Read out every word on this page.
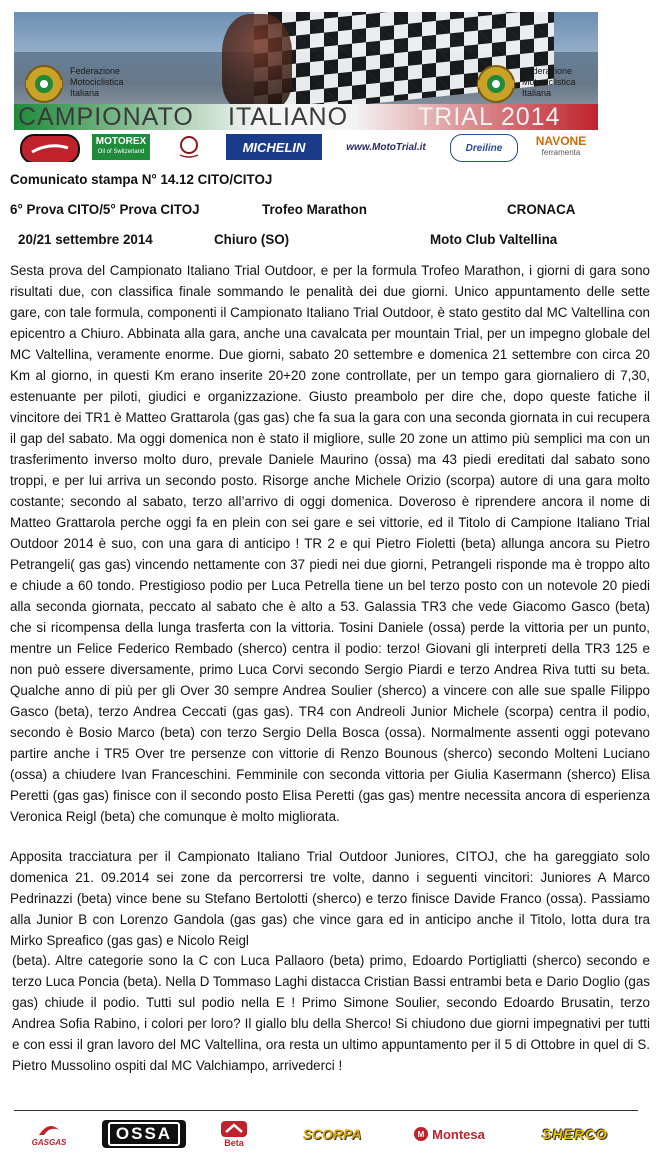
Federazione
Motociclistica
Italiana
Federazione
Motociclistica
Italiana
CAMPIONATO ITALIANO	TRIAL 2014
MOTOREX
Oil of Switzerland	MICHELIN	www.MotoTrial.it	Dreiline	NAVONE
ferramenta
Comunicato stampa N° 14.12 CITO/CITOJ
6° Prova CITO/5° Prova CITOJ	Trofeo Marathon	CRONACA
20/21 settembre 2014	Chiuro (SO)	Moto Club Valtellina

Sesta prova del Campionato Italiano Trial Outdoor, e per la formula Trofeo Marathon, i giorni di gara sono risultati due, con classifica finale sommando le penalità dei due giorni. Unico appuntamento delle sette gare, con tale formula, componenti il Campionato Italiano Trial Outdoor, è stato gestito dal MC Valtellina con epicentro a Chiuro. Abbinata alla gara, anche una cavalcata per mountain Trial, per un impegno globale del MC Valtellina, veramente enorme. Due giorni, sabato 20 settembre e domenica 21 settembre con circa 20 Km al giorno, in questi Km erano inserite 20+20 zone controllate, per un tempo gara giornaliero di 7,30, estenuante per piloti, giudici e organizzazione. Giusto preambolo per dire che, dopo queste fatiche il vincitore dei TR1 è Matteo Grattarola (gas gas) che fa sua la gara con una seconda giornata in cui recupera il gap del sabato. Ma oggi domenica non è stato il migliore, sulle 20 zone un attimo più semplici ma con un trasferimento inverso molto duro, prevale Daniele Maurino (ossa) ma 43 piedi ereditati dal sabato sono troppi, e per lui arriva un secondo posto. Risorge anche Michele Orizio (scorpa) autore di una gara molto costante; secondo al sabato, terzo all’arrivo di oggi domenica. Doveroso è riprendere ancora il nome di Matteo Grattarola perche oggi fa en plein con sei gare e sei vittorie, ed il Titolo di Campione Italiano Trial Outdoor 2014 è suo, con una gara di anticipo ! TR 2 e qui Pietro Fioletti (beta) allunga ancora su Pietro Petrangeli( gas gas) vincendo nettamente con 37 piedi nei due giorni, Petrangeli risponde ma è troppo alto e chiude a 60 tondo. Prestigioso podio per Luca Petrella tiene un bel terzo posto con un notevole 20 piedi alla seconda giornata, peccato al sabato che è alto a 53. Galassia TR3 che vede Giacomo Gasco (beta) che si ricompensa della lunga trasferta con la vittoria. Tosini Daniele (ossa) perde la vittoria per un punto, mentre un Felice Federico Rembado (sherco) centra il podio: terzo! Giovani gli interpreti della TR3 125 e non può essere diversamente, primo Luca Corvi secondo Sergio Piardi e terzo Andrea Riva tutti su beta. Qualche anno di più per gli Over 30 sempre Andrea Soulier (sherco) a vincere con alle sue spalle Filippo Gasco (beta), terzo Andrea Ceccati (gas gas). TR4 con Andreoli Junior Michele (scorpa) centra il podio, secondo è Bosio Marco (beta) con terzo Sergio Della Bosca (ossa). Normalmente assenti oggi potevano partire anche i TR5 Over tre persenze con vittorie di Renzo Bounous (sherco) secondo Molteni Luciano (ossa) a chiudere Ivan Franceschini. Femminile con seconda vittoria per Giulia Kasermann (sherco) Elisa Peretti (gas gas) finisce con il secondo posto Elisa Peretti (gas gas) mentre necessita ancora di esperienza Veronica Reigl (beta) che comunque è molto migliorata.

Apposita tracciatura per il Campionato Italiano Trial Outdoor Juniores, CITOJ, che ha gareggiato solo domenica 21. 09.2014 sei zone da percorrersi tre volte, danno i seguenti vincitori: Juniores A Marco Pedrinazzi (beta) vince bene su Stefano Bertolotti (sherco) e terzo finisce Davide Franco (ossa). Passiamo alla Junior B con Lorenzo Gandola (gas gas) che vince gara ed in anticipo anche il Titolo, lotta dura tra Mirko Spreafico (gas gas) e Nicolo Reigl

(beta). Altre categorie sono la C con Luca Pallaoro (beta) primo, Edoardo Portigliatti (sherco) secondo e terzo Luca Poncia (beta). Nella D Tommaso Laghi distacca Cristian Bassi entrambi beta e Dario Doglio (gas gas) chiude il podio. Tutti sul podio nella E ! Primo Simone Soulier, secondo Edoardo Brusatin, terzo Andrea Sofia Rabino, i colori per loro? Il giallo blu della Sherco! Si chiudono due giorni impegnativi per tutti e con essi il gran lavoro del MC Valtellina, ora resta un ultimo appuntamento per il 5 di Ottobre in quel di S. Pietro Mussolino ospiti dal MC Valchiampo, arrivederci !

GASGAS	OSSA	Beta
SCORPA	M Montesa	SHERCO
